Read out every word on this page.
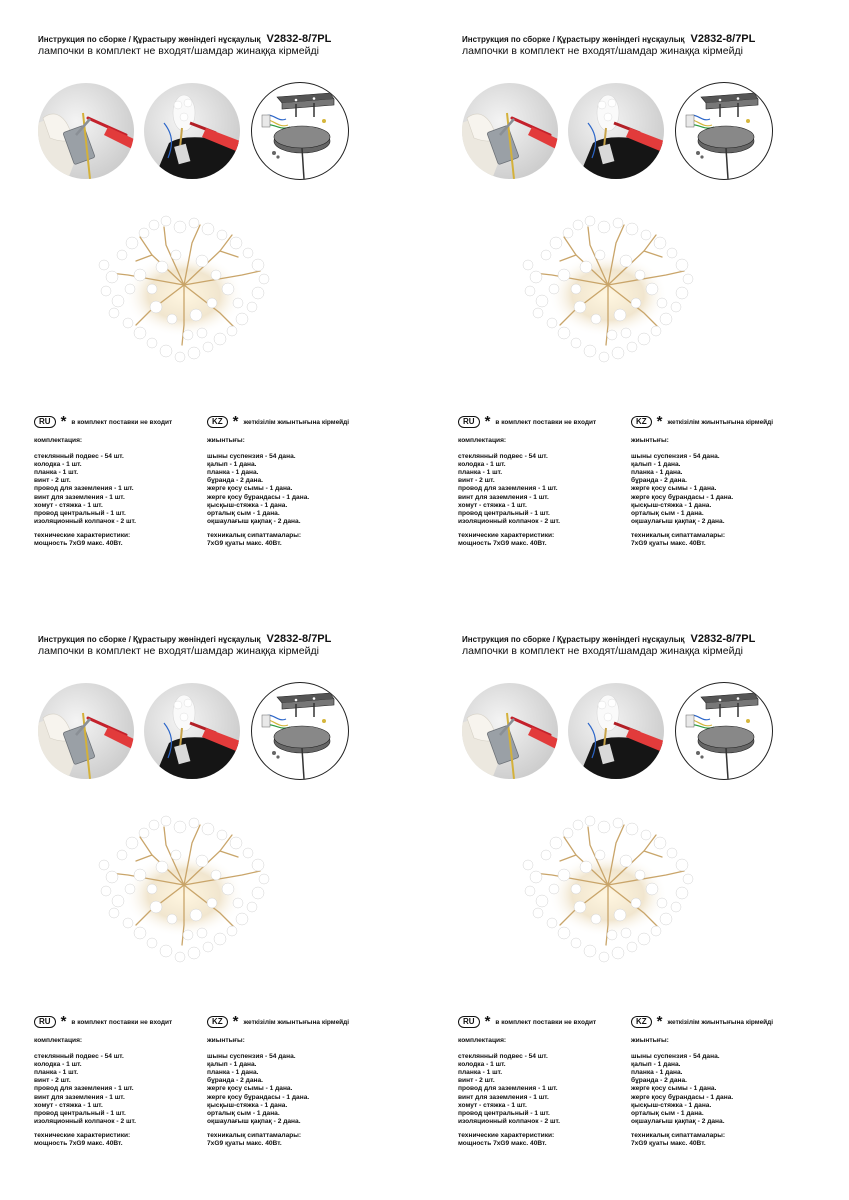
Инструкция по сборке / Құрастыру жөніндегі нұсқаулық V2832-8/7PL
лампочки в комплект не входят/шамдар жинаққа кірмейді
RU * в комплект поставки не входит	KZ * жеткізілім жиынтығына кірмейді
комплектация:
стеклянный подвес - 54 шт.
колодка - 1 шт.
планка - 1 шт.
винт - 2 шт.
провод для заземления - 1 шт.
винт для заземления - 1 шт.
хомут - стяжка - 1 шт.
провод центральный - 1 шт.
изоляционный колпачок - 2 шт.
технические характеристики:
мощность 7xG9 макс. 40Вт.
жиынтығы:
шыны суспензия - 54 дана.
қалып - 1 дана.
планка - 1 дана.
бұранда - 2 дана.
жерге қосу сымы - 1 дана.
жерге қосу бұрандасы - 1 дана.
қысқыш-стяжка - 1 дана.
орталық сым - 1 дана.
оқшаулағыш қақпақ - 2 дана.
техникалық сипаттамалары:
7xG9 қуаты макс. 40Вт.
Инструкция по сборке / Құрастыру жөніндегі нұсқаулық V2832-8/7PL
лампочки в комплект не входят/шамдар жинаққа кірмейді
RU * в комплект поставки не входит	KZ * жеткізілім жиынтығына кірмейді
комплектация:
стеклянный подвес - 54 шт.
колодка - 1 шт.
планка - 1 шт.
винт - 2 шт.
провод для заземления - 1 шт.
винт для заземления - 1 шт.
хомут - стяжка - 1 шт.
провод центральный - 1 шт.
изоляционный колпачок - 2 шт.
технические характеристики:
мощность 7xG9 макс. 40Вт.
жиынтығы:
шыны суспензия - 54 дана.
қалып - 1 дана.
планка - 1 дана.
бұранда - 2 дана.
жерге қосу сымы - 1 дана.
жерге қосу бұрандасы - 1 дана.
қысқыш-стяжка - 1 дана.
орталық сым - 1 дана.
оқшаулағыш қақпақ - 2 дана.
техникалық сипаттамалары:
7xG9 қуаты макс. 40Вт.
Инструкция по сборке / Құрастыру жөніндегі нұсқаулық V2832-8/7PL
лампочки в комплект не входят/шамдар жинаққа кірмейді
RU * в комплект поставки не входит	KZ * жеткізілім жиынтығына кірмейді
комплектация:
стеклянный подвес - 54 шт.
колодка - 1 шт.
планка - 1 шт.
винт - 2 шт.
провод для заземления - 1 шт.
винт для заземления - 1 шт.
хомут - стяжка - 1 шт.
провод центральный - 1 шт.
изоляционный колпачок - 2 шт.
технические характеристики:
мощность 7xG9 макс. 40Вт.
жиынтығы:
шыны суспензия - 54 дана.
қалып - 1 дана.
планка - 1 дана.
бұранда - 2 дана.
жерге қосу сымы - 1 дана.
жерге қосу бұрандасы - 1 дана.
қысқыш-стяжка - 1 дана.
орталық сым - 1 дана.
оқшаулағыш қақпақ - 2 дана.
техникалық сипаттамалары:
7xG9 қуаты макс. 40Вт.
Инструкция по сборке / Құрастыру жөніндегі нұсқаулық V2832-8/7PL
лампочки в комплект не входят/шамдар жинаққа кірмейді
RU * в комплект поставки не входит	KZ * жеткізілім жиынтығына кірмейді
комплектация:
стеклянный подвес - 54 шт.
колодка - 1 шт.
планка - 1 шт.
винт - 2 шт.
провод для заземления - 1 шт.
винт для заземления - 1 шт.
хомут - стяжка - 1 шт.
провод центральный - 1 шт.
изоляционный колпачок - 2 шт.
технические характеристики:
мощность 7xG9 макс. 40Вт.
жиынтығы:
шыны суспензия - 54 дана.
қалып - 1 дана.
планка - 1 дана.
бұранда - 2 дана.
жерге қосу сымы - 1 дана.
жерге қосу бұрандасы - 1 дана.
қысқыш-стяжка - 1 дана.
орталық сым - 1 дана.
оқшаулағыш қақпақ - 2 дана.
техникалық сипаттамалары:
7xG9 қуаты макс. 40Вт.
